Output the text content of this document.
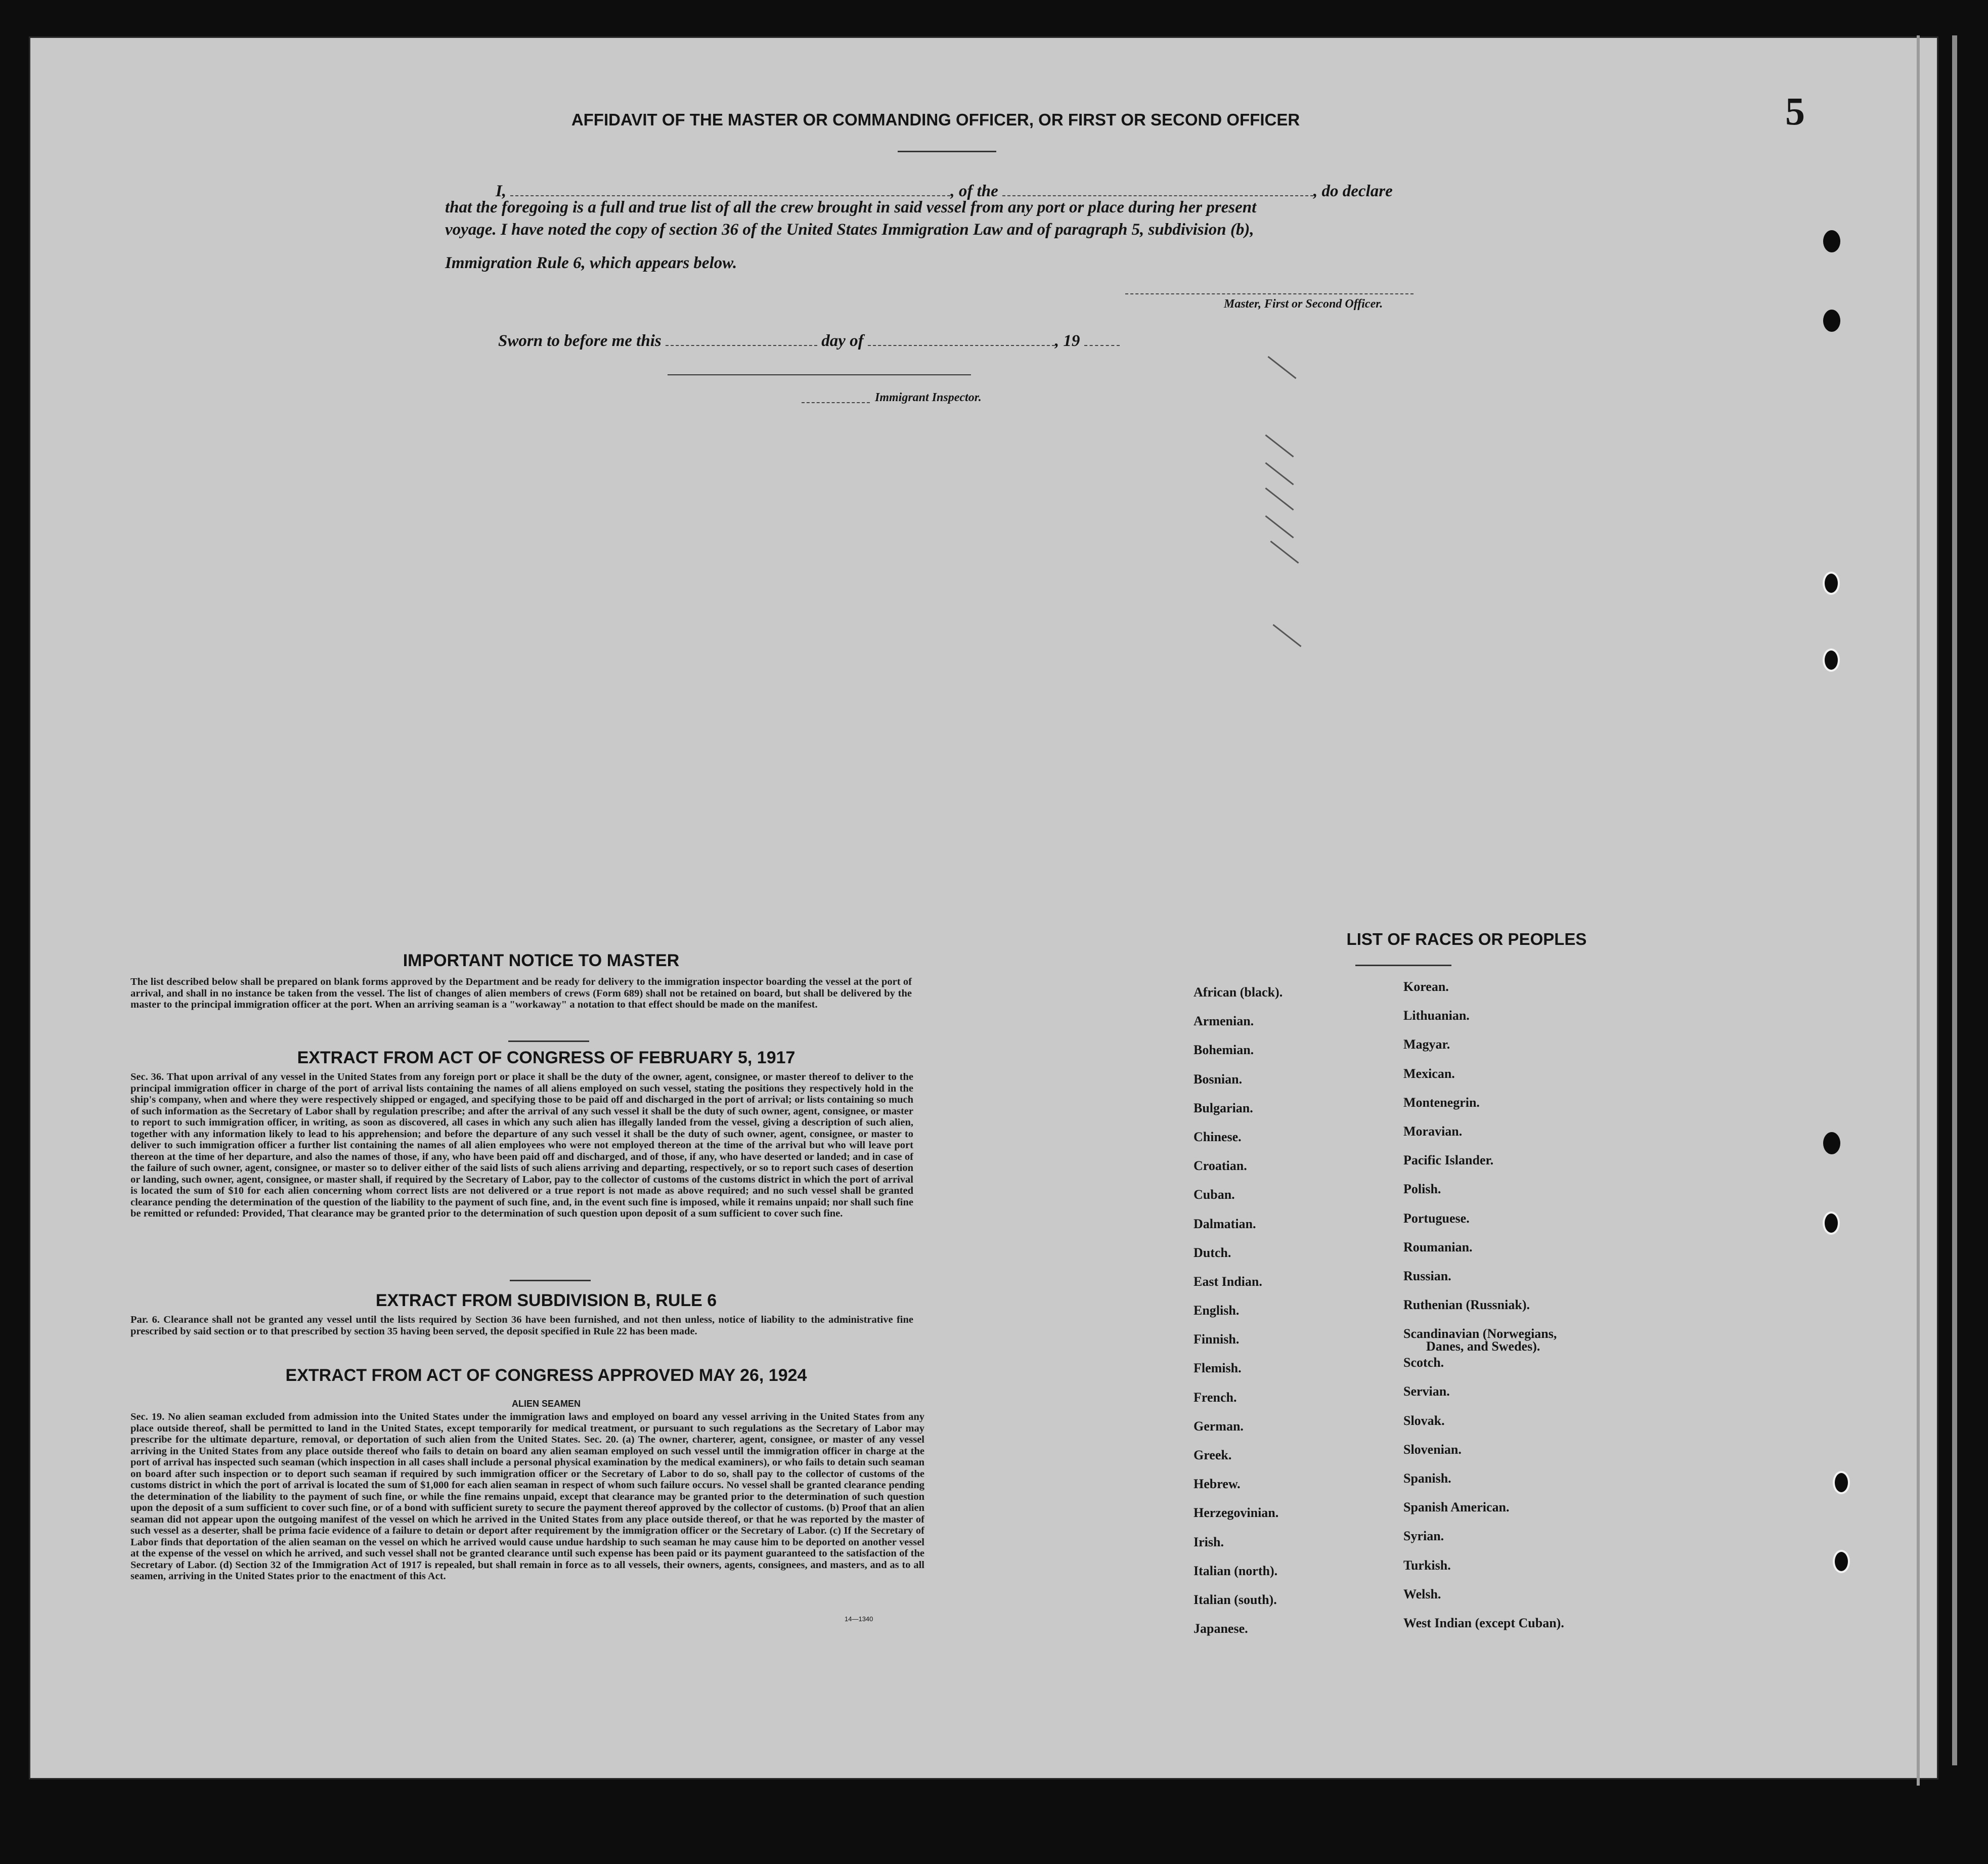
5
AFFIDAVIT OF THE MASTER OR COMMANDING OFFICER, OR FIRST OR SECOND OFFICER
I,	, of the	, do declare
that the foregoing is a full and true list of all the crew brought in said vessel from any port or place during her present
voyage. I have noted the copy of section 36 of the United States Immigration Law and of paragraph 5, subdivision (b),
Immigration Rule 6, which appears below.
Master, First or Second Officer.
Sworn to before me this	day of	, 19
Immigrant Inspector.
IMPORTANT NOTICE TO MASTER
The list described below shall be prepared on blank forms approved by the Department and be ready for delivery to the immigration inspector boarding the vessel at the port of arrival, and shall in no instance be taken from the vessel. The list of changes of alien members of crews (Form 689) shall not be retained on board, but shall be delivered by the master to the principal immigration officer at the port. When an arriving seaman is a "workaway" a notation to that effect should be made on the manifest.
EXTRACT FROM ACT OF CONGRESS OF FEBRUARY 5, 1917
Sec. 36. That upon arrival of any vessel in the United States from any foreign port or place it shall be the duty of the owner, agent, consignee, or master thereof to deliver to the principal immigration officer in charge of the port of arrival lists containing the names of all aliens employed on such vessel, stating the positions they respectively hold in the ship's company, when and where they were respectively shipped or engaged, and specifying those to be paid off and discharged in the port of arrival; or lists containing so much of such information as the Secretary of Labor shall by regulation prescribe; and after the arrival of any such vessel it shall be the duty of such owner, agent, consignee, or master to report to such immigration officer, in writing, as soon as discovered, all cases in which any such alien has illegally landed from the vessel, giving a description of such alien, together with any information likely to lead to his apprehension; and before the departure of any such vessel it shall be the duty of such owner, agent, consignee, or master to deliver to such immigration officer a further list containing the names of all alien employees who were not employed thereon at the time of the arrival but who will leave port thereon at the time of her departure, and also the names of those, if any, who have been paid off and discharged, and of those, if any, who have deserted or landed; and in case of the failure of such owner, agent, consignee, or master so to deliver either of the said lists of such aliens arriving and departing, respectively, or so to report such cases of desertion or landing, such owner, agent, consignee, or master shall, if required by the Secretary of Labor, pay to the collector of customs of the customs district in which the port of arrival is located the sum of $10 for each alien concerning whom correct lists are not delivered or a true report is not made as above required; and no such vessel shall be granted clearance pending the determination of the question of the liability to the payment of such fine, and, in the event such fine is imposed, while it remains unpaid; nor shall such fine be remitted or refunded: Provided, That clearance may be granted prior to the determination of such question upon deposit of a sum sufficient to cover such fine.
EXTRACT FROM SUBDIVISION B, RULE 6
Par. 6. Clearance shall not be granted any vessel until the lists required by Section 36 have been furnished, and not then unless, notice of liability to the administrative fine prescribed by said section or to that prescribed by section 35 having been served, the deposit specified in Rule 22 has been made.
EXTRACT FROM ACT OF CONGRESS APPROVED MAY 26, 1924
ALIEN SEAMEN
Sec. 19. No alien seaman excluded from admission into the United States under the immigration laws and employed on board any vessel arriving in the United States from any place outside thereof, shall be permitted to land in the United States, except temporarily for medical treatment, or pursuant to such regulations as the Secretary of Labor may prescribe for the ultimate departure, removal, or deportation of such alien from the United States. Sec. 20. (a) The owner, charterer, agent, consignee, or master of any vessel arriving in the United States from any place outside thereof who fails to detain on board any alien seaman employed on such vessel until the immigration officer in charge at the port of arrival has inspected such seaman (which inspection in all cases shall include a personal physical examination by the medical examiners), or who fails to detain such seaman on board after such inspection or to deport such seaman if required by such immigration officer or the Secretary of Labor to do so, shall pay to the collector of customs of the customs district in which the port of arrival is located the sum of $1,000 for each alien seaman in respect of whom such failure occurs. No vessel shall be granted clearance pending the determination of the liability to the payment of such fine, or while the fine remains unpaid, except that clearance may be granted prior to the determination of such question upon the deposit of a sum sufficient to cover such fine, or of a bond with sufficient surety to secure the payment thereof approved by the collector of customs. (b) Proof that an alien seaman did not appear upon the outgoing manifest of the vessel on which he arrived in the United States from any place outside thereof, or that he was reported by the master of such vessel as a deserter, shall be prima facie evidence of a failure to detain or deport after requirement by the immigration officer or the Secretary of Labor. (c) If the Secretary of Labor finds that deportation of the alien seaman on the vessel on which he arrived would cause undue hardship to such seaman he may cause him to be deported on another vessel at the expense of the vessel on which he arrived, and such vessel shall not be granted clearance until such expense has been paid or its payment guaranteed to the satisfaction of the Secretary of Labor. (d) Section 32 of the Immigration Act of 1917 is repealed, but shall remain in force as to all vessels, their owners, agents, consignees, and masters, and as to all seamen, arriving in the United States prior to the enactment of this Act.
14—1340
LIST OF RACES OR PEOPLES
African (black).
Armenian.
Bohemian.
Bosnian.
Bulgarian.
Chinese.
Croatian.
Cuban.
Dalmatian.
Dutch.
East Indian.
English.
Finnish.
Flemish.
French.
German.
Greek.
Hebrew.
Herzegovinian.
Irish.
Italian (north).
Italian (south).
Japanese.
Korean.
Lithuanian.
Magyar.
Mexican.
Montenegrin.
Moravian.
Pacific Islander.
Polish.
Portuguese.
Roumanian.
Russian.
Ruthenian (Russniak).
Scandinavian (Norwegians,
Danes, and Swedes).
Scotch.
Servian.
Slovak.
Slovenian.
Spanish.
Spanish American.
Syrian.
Turkish.
Welsh.
West Indian (except Cuban).
